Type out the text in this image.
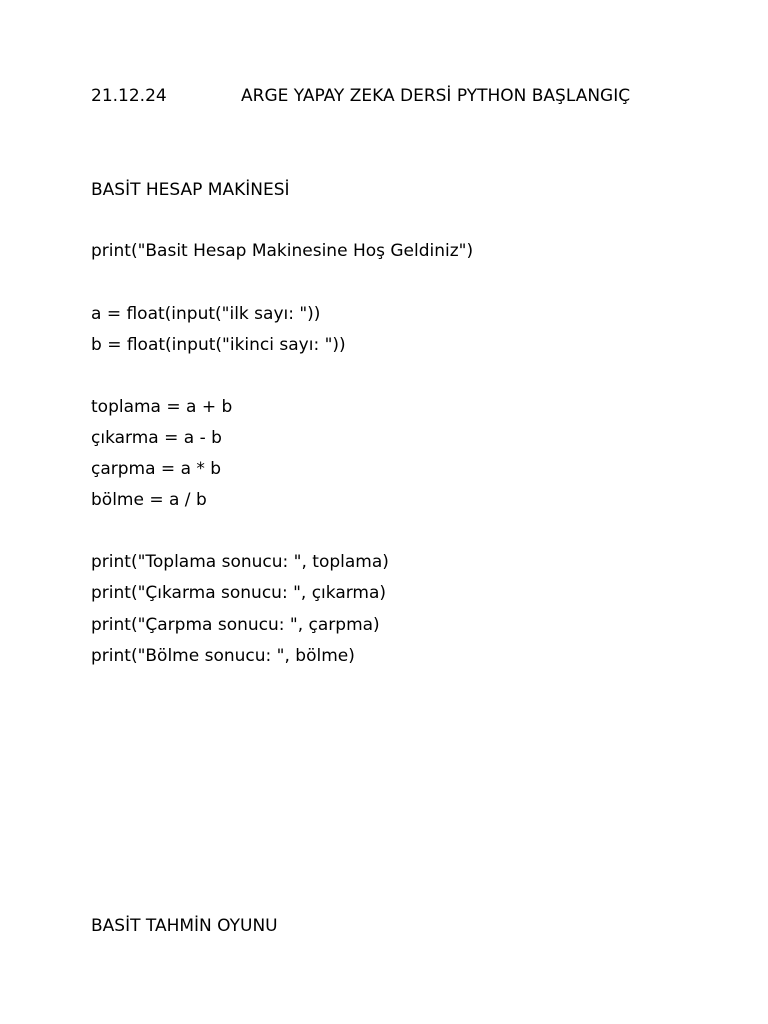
21.12.24	ARGE YAPAY ZEKA DERSİ PYTHON BAŞLANGIÇ
BASİT HESAP MAKİNESİ
print("Basit Hesap Makinesine Hoş Geldiniz")
a = float(input("ilk sayı: "))
b = float(input("ikinci sayı: "))
toplama = a + b
çıkarma = a - b
çarpma = a * b
bölme = a / b
print("Toplama sonucu: ", toplama)
print("Çıkarma sonucu: ", çıkarma)
print("Çarpma sonucu: ", çarpma)
print("Bölme sonucu: ", bölme)
BASİT TAHMİN OYUNU
